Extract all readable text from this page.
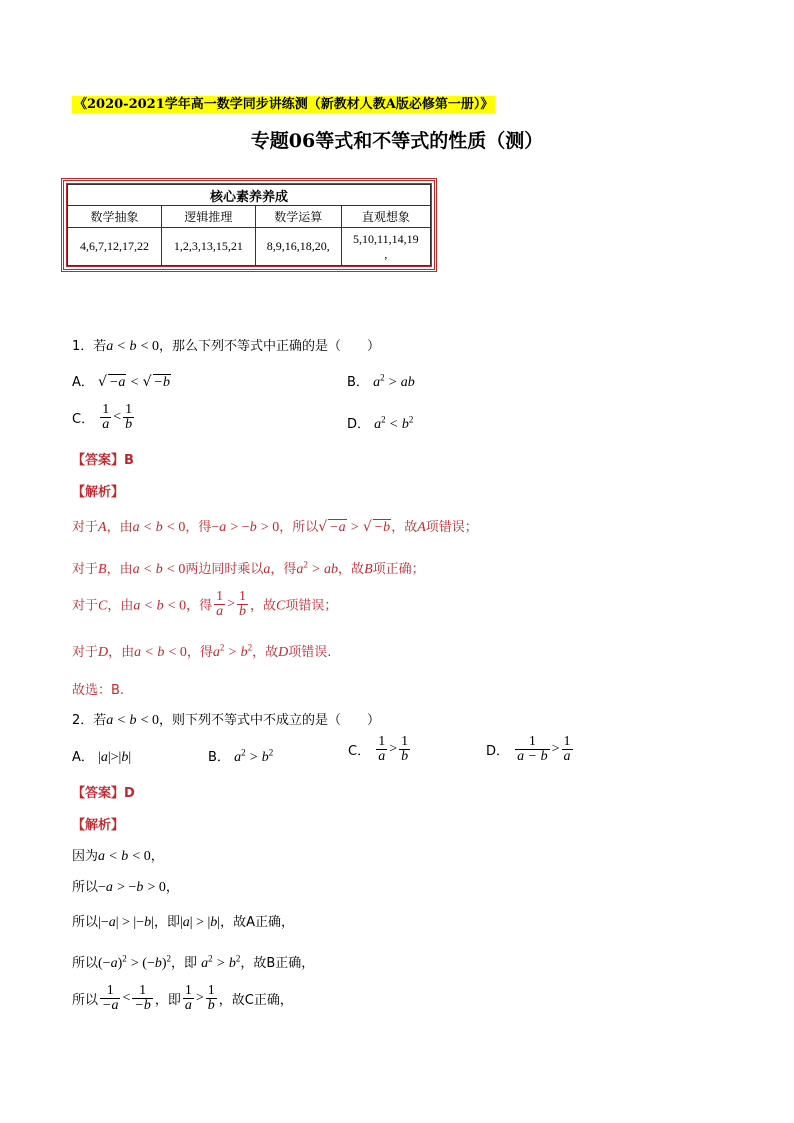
《2020-2021学年高一数学同步讲练测（新教材人教A版必修第一册）》
专题06等式和不等式的性质（测）
核心素养养成			
数学抽象	逻辑推理	数学运算	直观想象
4,6,7,12,17,22	1,2,3,13,15,21	8,9,16,18,20,	5,10,11,14,19
,
1．若a < b < 0，那么下列不等式中正确的是（　　）
A． √ −a < √ −b	B． $a^2$ > ab
C． $\frac{1}{a} < \frac{1}{b}$	D． $a^2 < b^2$
【答案】B
【解析】
对于A，由a < b < 0，得−a > −b > 0，所以√ −a > √ −b，故A项错误；
对于B，由a < b < 0两边同时乘以a，得$a^2$ > ab，故B项正确；
对于C，由a < b < 0，得 $\frac{1}{a} > \frac{1}{b}$ ，故C项错误；
对于D，由a < b < 0，得$a^2 > b^2$，故D项错误.
故选：B.
2．若a < b < 0，则下列不等式中不成立的是（　　）
A． |a|>|b|	B． $a^2 > b^2$	C． $\frac{1}{a} > \frac{1}{b}$	D． $\frac{1}{a - b} > \frac{1}{a}$
【答案】D
【解析】
因为a < b < 0，
所以−a > −b > 0，
所以|−a| > |−b|，即|a| > |b|，故A正确，
所以$(-a)^2 > (-b)^2$，即 $a^2 > b^2$，故B正确，
所以 $\frac{1}{-a} < \frac{1}{-b}$ ，即 $\frac{1}{a} > \frac{1}{b}$ ，故C正确，
